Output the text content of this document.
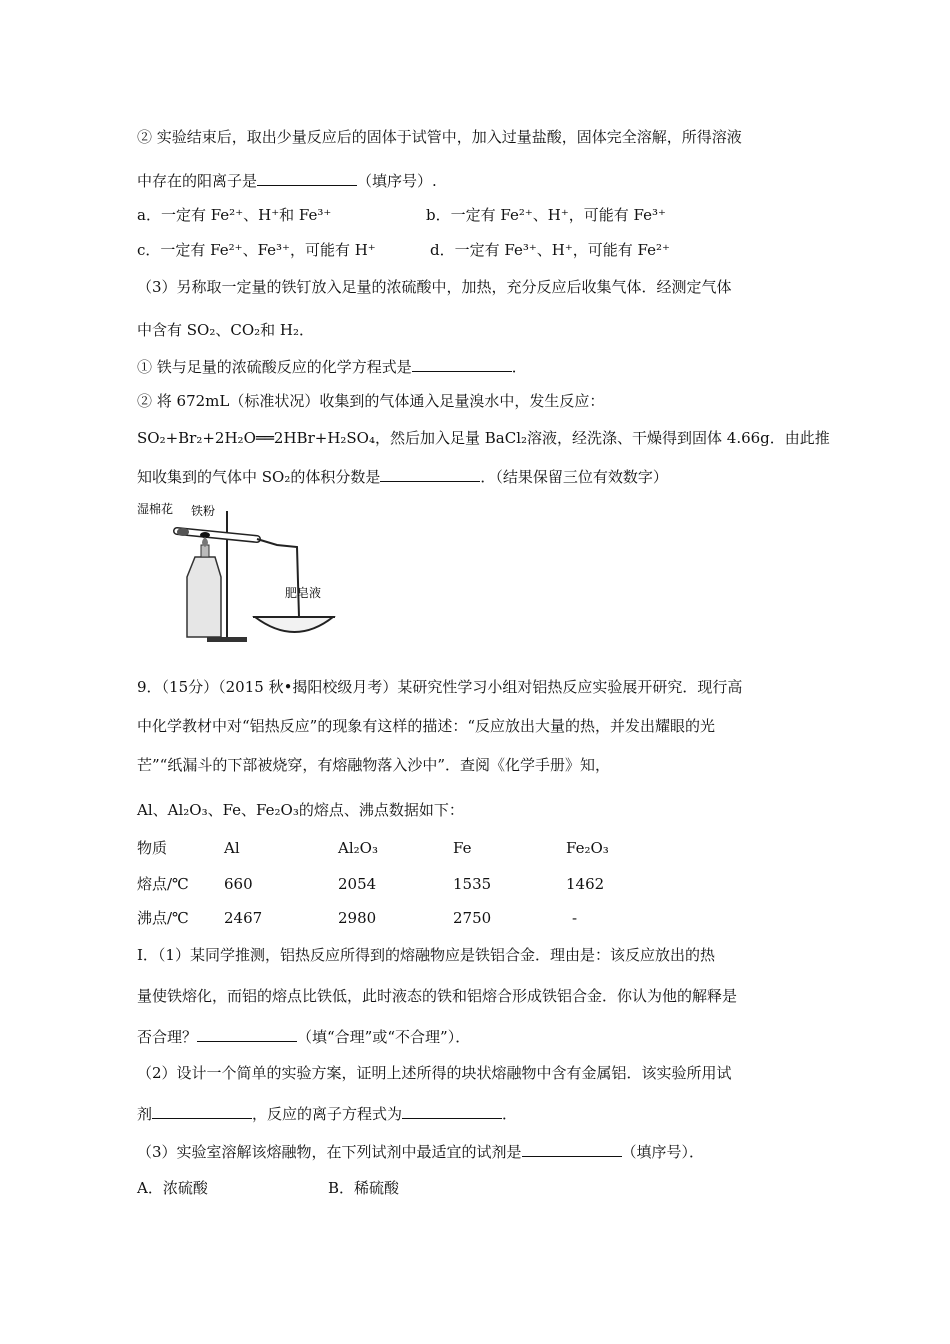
② 实验结束后，取出少量反应后的固体于试管中，加入过量盐酸，固体完全溶解，所得溶液
中存在的阳离子是	（填序号）.
a．一定有 Fe²⁺、H⁺和 Fe³⁺	b．一定有 Fe²⁺、H⁺，可能有 Fe³⁺
c．一定有 Fe²⁺、Fe³⁺，可能有 H⁺	d．一定有 Fe³⁺、H⁺，可能有 Fe²⁺
（3）另称取一定量的铁钉放入足量的浓硫酸中，加热，充分反应后收集气体．经测定气体
中含有 SO₂、CO₂和 H₂．
① 铁与足量的浓硫酸反应的化学方程式是	．
② 将 672mL（标准状况）收集到的气体通入足量溴水中，发生反应：
SO₂+Br₂+2H₂O══2HBr+H₂SO₄，然后加入足量 BaCl₂溶液，经洗涤、干燥得到固体 4.66g．由此推
知收集到的气体中 SO₂的体积分数是	．（结果保留三位有效数字）
湿棉花 铁粉
肥皂液
9．（15分）（2015 秋•揭阳校级月考）某研究性学习小组对铝热反应实验展开研究．现行高
中化学教材中对“铝热反应”的现象有这样的描述：“反应放出大量的热，并发出耀眼的光
芒”“纸漏斗的下部被烧穿，有熔融物落入沙中”．查阅《化学手册》知，
Al、Al₂O₃、Fe、Fe₂O₃的熔点、沸点数据如下：
物质	Al	Al₂O₃	Fe	Fe₂O₃
熔点/℃ 660	2054	1535	1462
沸点/℃ 2467	2980	2750	-
Ⅰ．（1）某同学推测，铝热反应所得到的熔融物应是铁铝合金．理由是：该反应放出的热
量使铁熔化，而铝的熔点比铁低，此时液态的铁和铝熔合形成铁铝合金．你认为他的解释是
否合理？	（填“合理”或“不合理”）．
（2）设计一个简单的实验方案，证明上述所得的块状熔融物中含有金属铝．该实验所用试
剂	，反应的离子方程式为	．
（3）实验室溶解该熔融物，在下列试剂中最适宜的试剂是	（填序号）．
A．浓硫酸	B．稀硫酸
